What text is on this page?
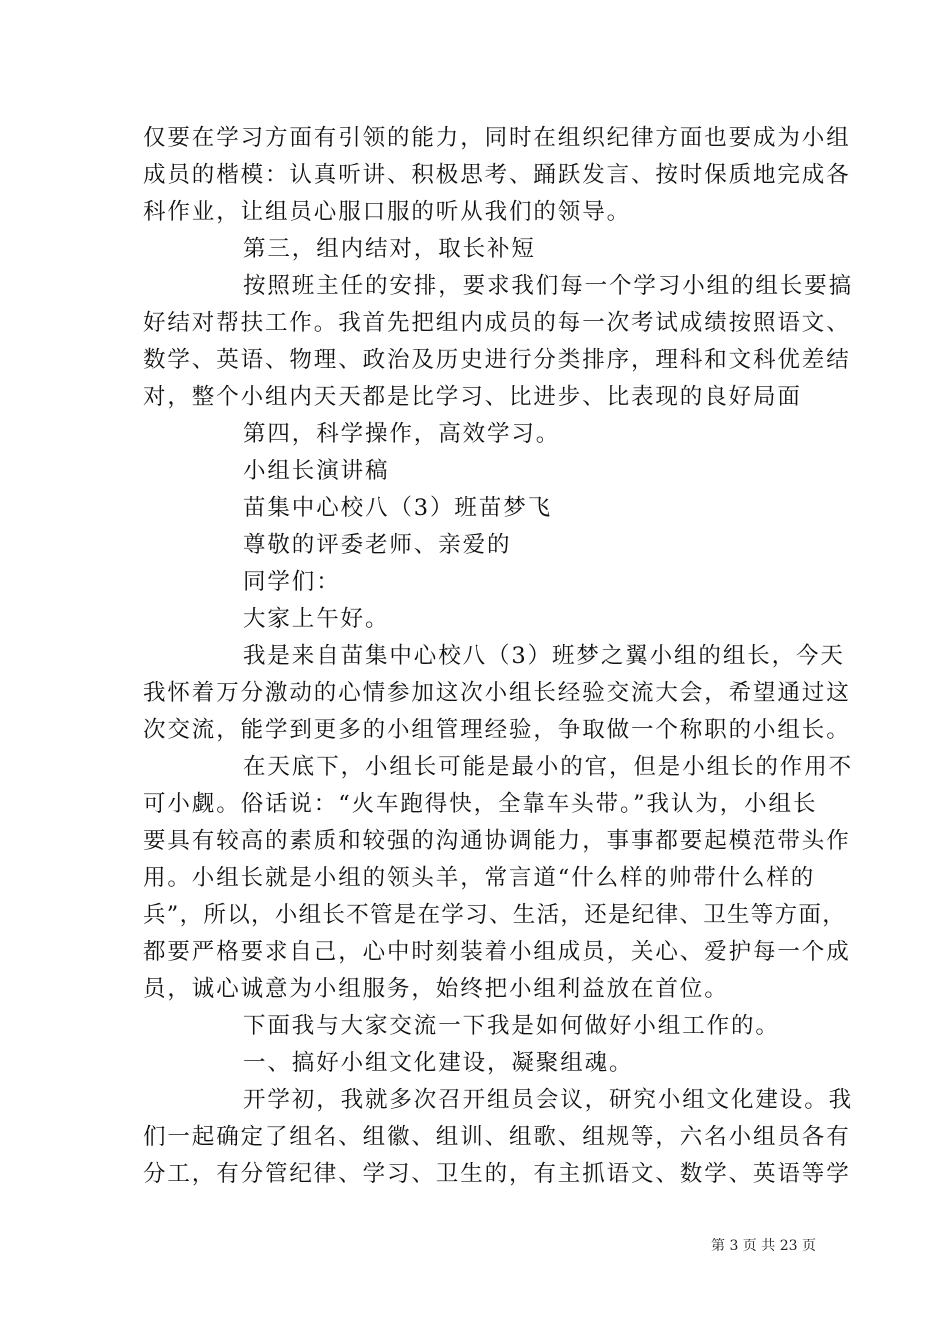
仅要在学习方面有引领的能力，同时在组织纪律方面也要成为小组
成员的楷模：认真听讲、积极思考、踊跃发言、按时保质地完成各
科作业，让组员心服口服的听从我们的领导。
第三，组内结对，取长补短
按照班主任的安排，要求我们每一个学习小组的组长要搞
好结对帮扶工作。我首先把组内成员的每一次考试成绩按照语文、
数学、英语、物理、政治及历史进行分类排序，理科和文科优差结
对，整个小组内天天都是比学习、比进步、比表现的良好局面
第四，科学操作，高效学习。
小组长演讲稿
苗集中心校八（3）班苗梦飞
尊敬的评委老师、亲爱的
同学们：
大家上午好。
我是来自苗集中心校八（3）班梦之翼小组的组长，今天
我怀着万分激动的心情参加这次小组长经验交流大会，希望通过这
次交流，能学到更多的小组管理经验，争取做一个称职的小组长。
在天底下，小组长可能是最小的官，但是小组长的作用不
可小觑。俗话说：“火车跑得快，全靠车头带。”我认为，小组长
要具有较高的素质和较强的沟通协调能力，事事都要起模范带头作
用。小组长就是小组的领头羊，常言道“什么样的帅带什么样的
兵”，所以，小组长不管是在学习、生活，还是纪律、卫生等方面，
都要严格要求自己，心中时刻装着小组成员，关心、爱护每一个成
员，诚心诚意为小组服务，始终把小组利益放在首位。
下面我与大家交流一下我是如何做好小组工作的。
一、搞好小组文化建设，凝聚组魂。
开学初，我就多次召开组员会议，研究小组文化建设。我
们一起确定了组名、组徽、组训、组歌、组规等，六名小组员各有
分工，有分管纪律、学习、卫生的，有主抓语文、数学、英语等学
第 3 页 共 23 页
